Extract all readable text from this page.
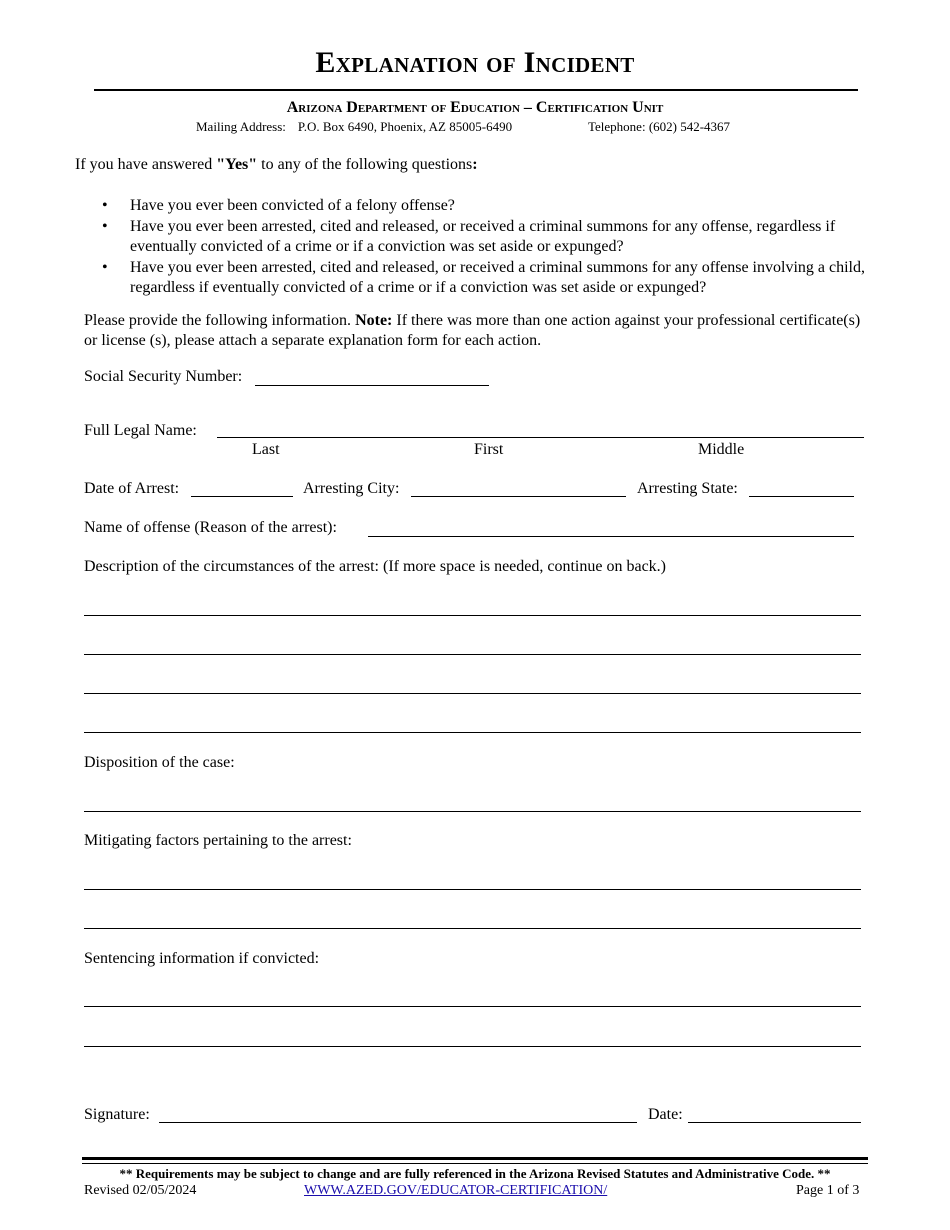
Explanation of Incident
Arizona Department of Education – Certification Unit
Mailing Address: P.O. Box 6490, Phoenix, AZ 85005-6490	Telephone: (602) 542-4367
If you have answered "Yes" to any of the following questions:
• Have you ever been convicted of a felony offense?
• Have you ever been arrested, cited and released, or received a criminal summons for any offense, regardless if eventually convicted of a crime or if a conviction was set aside or expunged?
• Have you ever been arrested, cited and released, or received a criminal summons for any offense involving a child, regardless if eventually convicted of a crime or if a conviction was set aside or expunged?
Please provide the following information. Note: If there was more than one action against your professional certificate(s) or license (s), please attach a separate explanation form for each action.
Social Security Number:
Full Legal Name:
Last	First	Middle
Date of Arrest:	Arresting City:	Arresting State:
Name of offense (Reason of the arrest):
Description of the circumstances of the arrest: (If more space is needed, continue on back.)
Disposition of the case:
Mitigating factors pertaining to the arrest:
Sentencing information if convicted:
Signature:	Date:
** Requirements may be subject to change and are fully referenced in the Arizona Revised Statutes and Administrative Code. **
Revised 02/05/2024	WWW.AZED.GOV/EDUCATOR-CERTIFICATION/	Page 1 of 3
